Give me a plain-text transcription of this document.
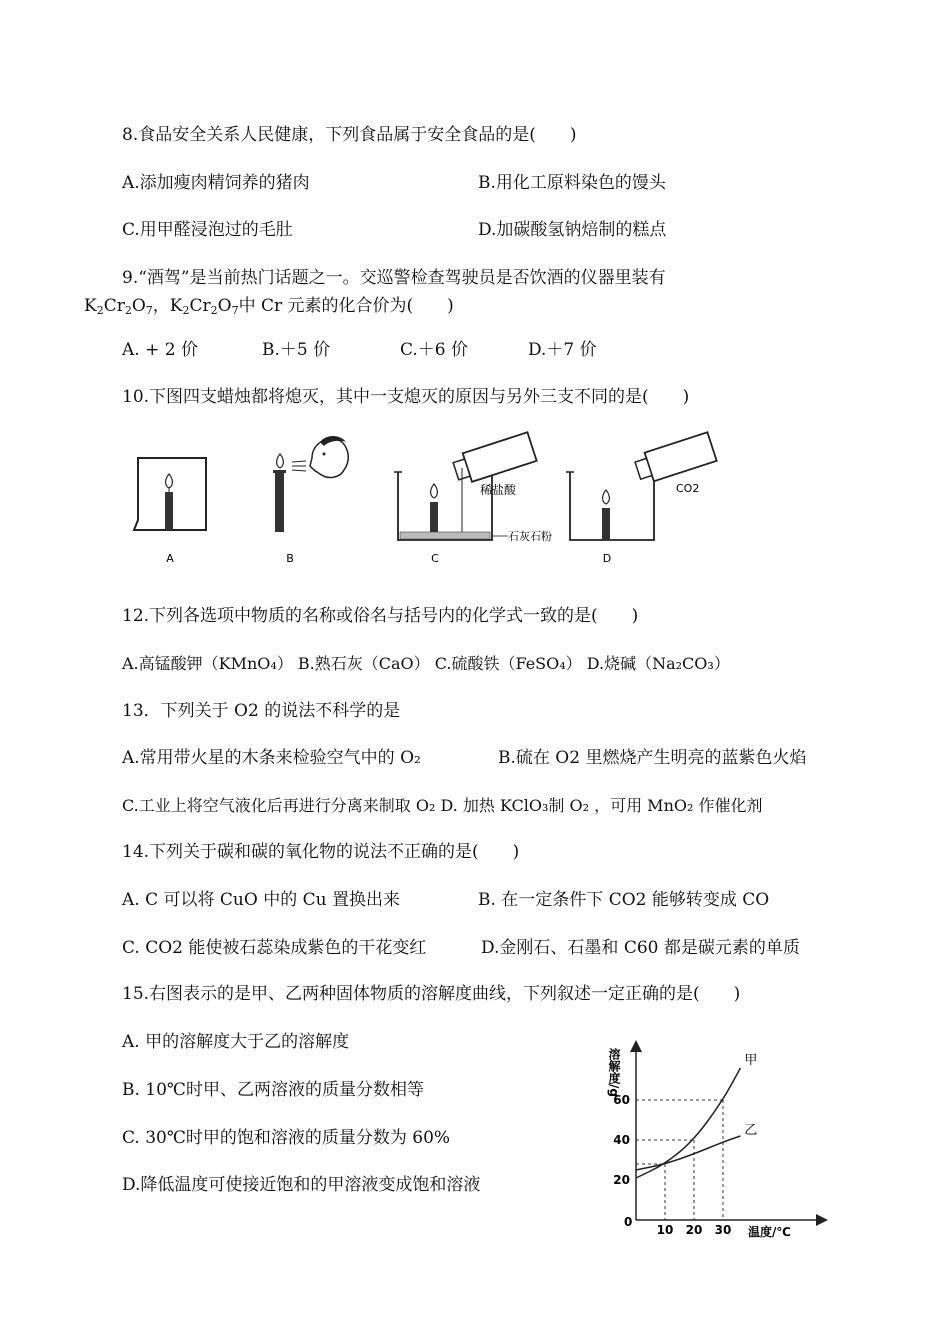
8.食品安全关系人民健康，下列食品属于安全食品的是(　　)
A.添加瘦肉精饲养的猪肉	B.用化工原料染色的馒头
C.用甲醛浸泡过的毛肚	D.加碳酸氢钠焙制的糕点
9.“酒驾”是当前热门话题之一。交巡警检查驾驶员是否饮酒的仪器里装有
$K_2Cr_2O_7$，$K_2Cr_2O_7$中 Cr 元素的化合价为(　　)
A. + 2 价	B.＋5 价	C.＋6 价	D.＋7 价
10.下图四支蜡烛都将熄灭，其中一支熄灭的原因与另外三支不同的是(　　)
A	B
稀盐酸
石灰石粉
C
CO2
D
12.下列各选项中物质的名称或俗名与括号内的化学式一致的是(　　)
A.高锰酸钾（KMnO₄） B.熟石灰（CaO） C.硫酸铁（FeSO₄） D.烧碱（Na₂CO₃）
13．下列关于 O2 的说法不科学的是
A.常用带火星的木条来检验空气中的 O₂	B.硫在 O2 里燃烧产生明亮的蓝紫色火焰
C.工业上将空气液化后再进行分离来制取 O₂ D. 加热 KClO₃制 O₂ ，可用 MnO₂ 作催化剂
14.下列关于碳和碳的氧化物的说法不正确的是(　　)
A. C 可以将 CuO 中的 Cu 置换出来	B. 在一定条件下 CO2 能够转变成 CO
C. CO2 能使被石蕊染成紫色的干花变红	D.金刚石、石墨和 C60 都是碳元素的单质
15.右图表示的是甲、乙两种固体物质的溶解度曲线，下列叙述一定正确的是(　　)
A. 甲的溶解度大于乙的溶解度
B. 10℃时甲、乙两溶液的质量分数相等
C. 30℃时甲的饱和溶液的质量分数为 60%
D.降低温度可使接近饱和的甲溶液变成饱和溶液
溶解度/g
温度/℃
0
10 20 30
20
40
60
甲
乙
